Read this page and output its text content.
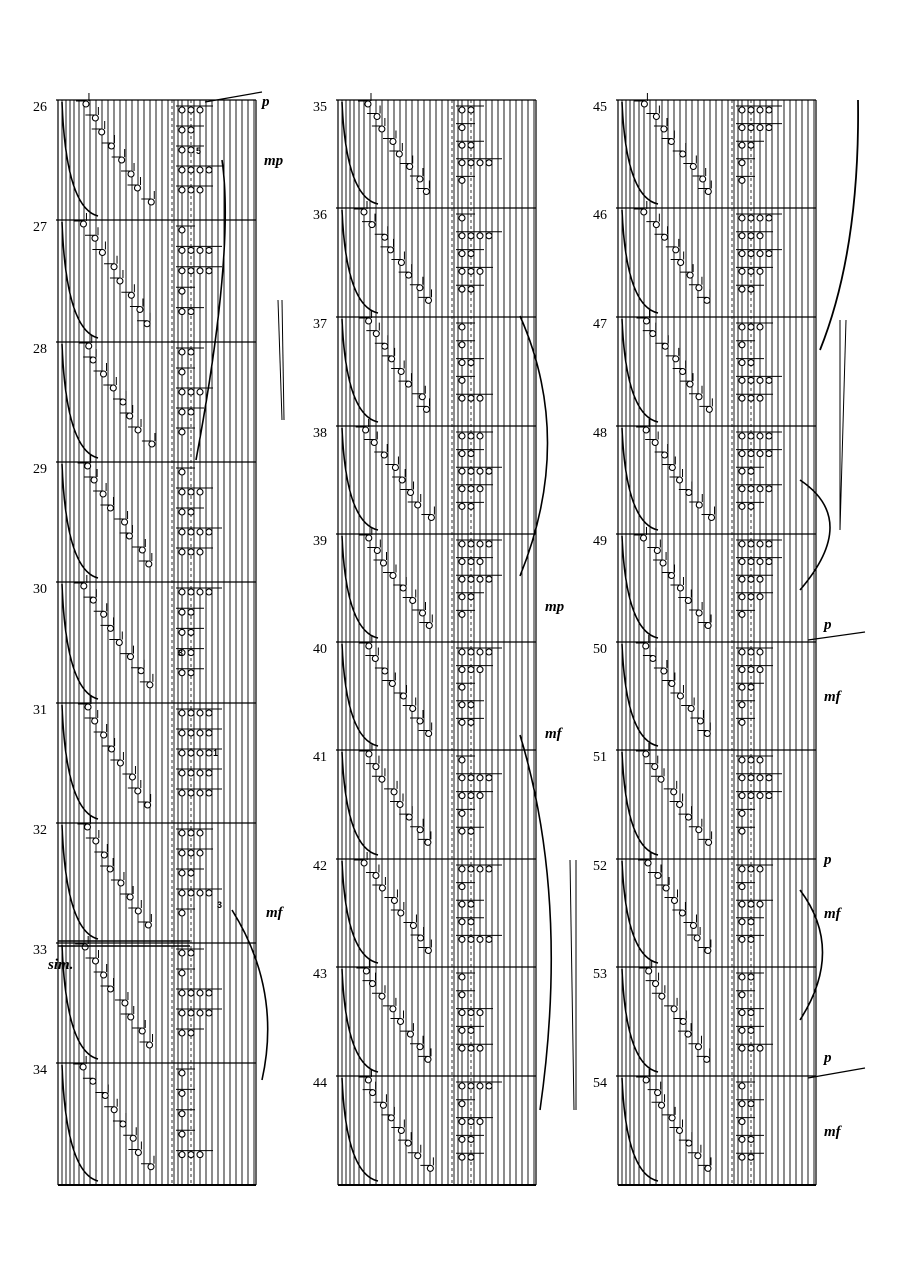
26
27
28
29
30
31
32
33
34
p
mp
mf
sim.
5
3
1
3
35
36
37
38
39
40
41
42
43
44
mp
mf
45
46
47
48
49
50
51
52
53
54
p
mf
p
mf
p
mf
